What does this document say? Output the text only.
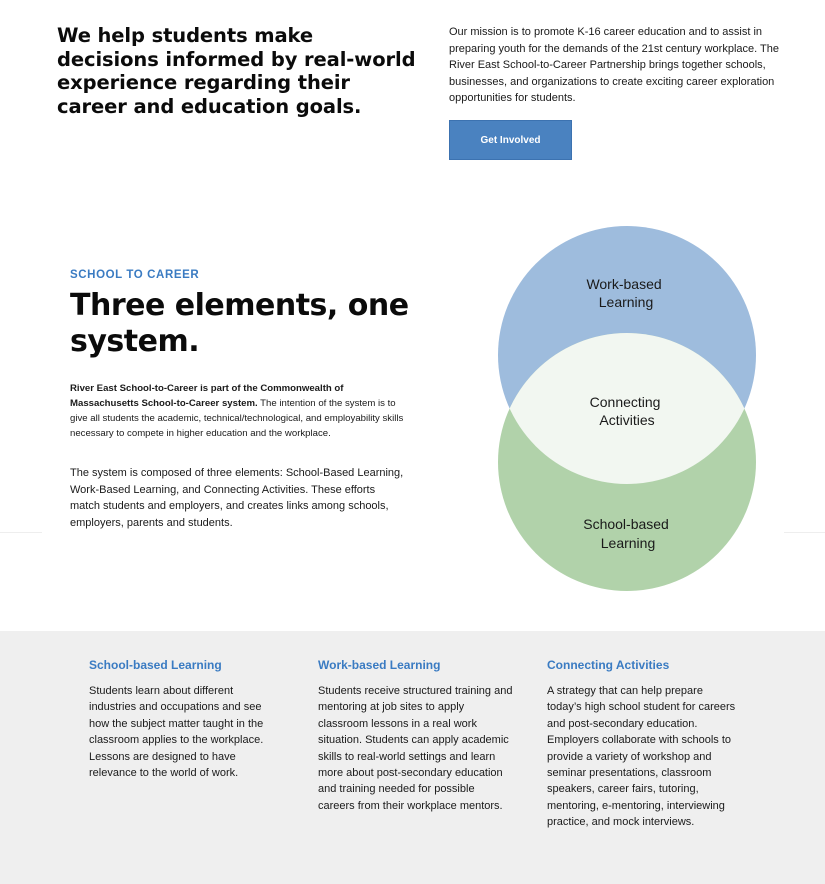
We help students make decisions informed by real-world experience regarding their career and education goals.

Our mission is to promote K-16 career education and to assist in preparing youth for the demands of the 21st century workplace. The River East School-to-Career Partnership brings together schools, businesses, and organizations to create exciting career exploration opportunities for students.

Get Involved
SCHOOL TO CAREER
Three elements, one system.

River East School-to-Career is part of the Commonwealth of Massachusetts School-to-Career system. The intention of the system is to give all students the academic, technical/technological, and employability skills necessary to compete in higher education and the workplace.

The system is composed of three elements: School-Based Learning, Work-Based Learning, and Connecting Activities. These efforts match students and employers, and creates links among schools, employers, parents and students.

Work-based Learning
Connecting Activities
School-based Learning
School-based Learning

Students learn about different industries and occupations and see how the subject matter taught in the classroom applies to the workplace. Lessons are designed to have relevance to the world of work.

Work-based Learning

Students receive structured training and mentoring at job sites to apply classroom lessons in a real work situation. Students can apply academic skills to real-world settings and learn more about post-secondary education and training needed for possible careers from their workplace mentors.

Connecting Activities

A strategy that can help prepare today’s high school student for careers and post-secondary education. Employers collaborate with schools to provide a variety of workshop and seminar presentations, classroom speakers, career fairs, tutoring, mentoring, e-mentoring, interviewing practice, and mock interviews.
